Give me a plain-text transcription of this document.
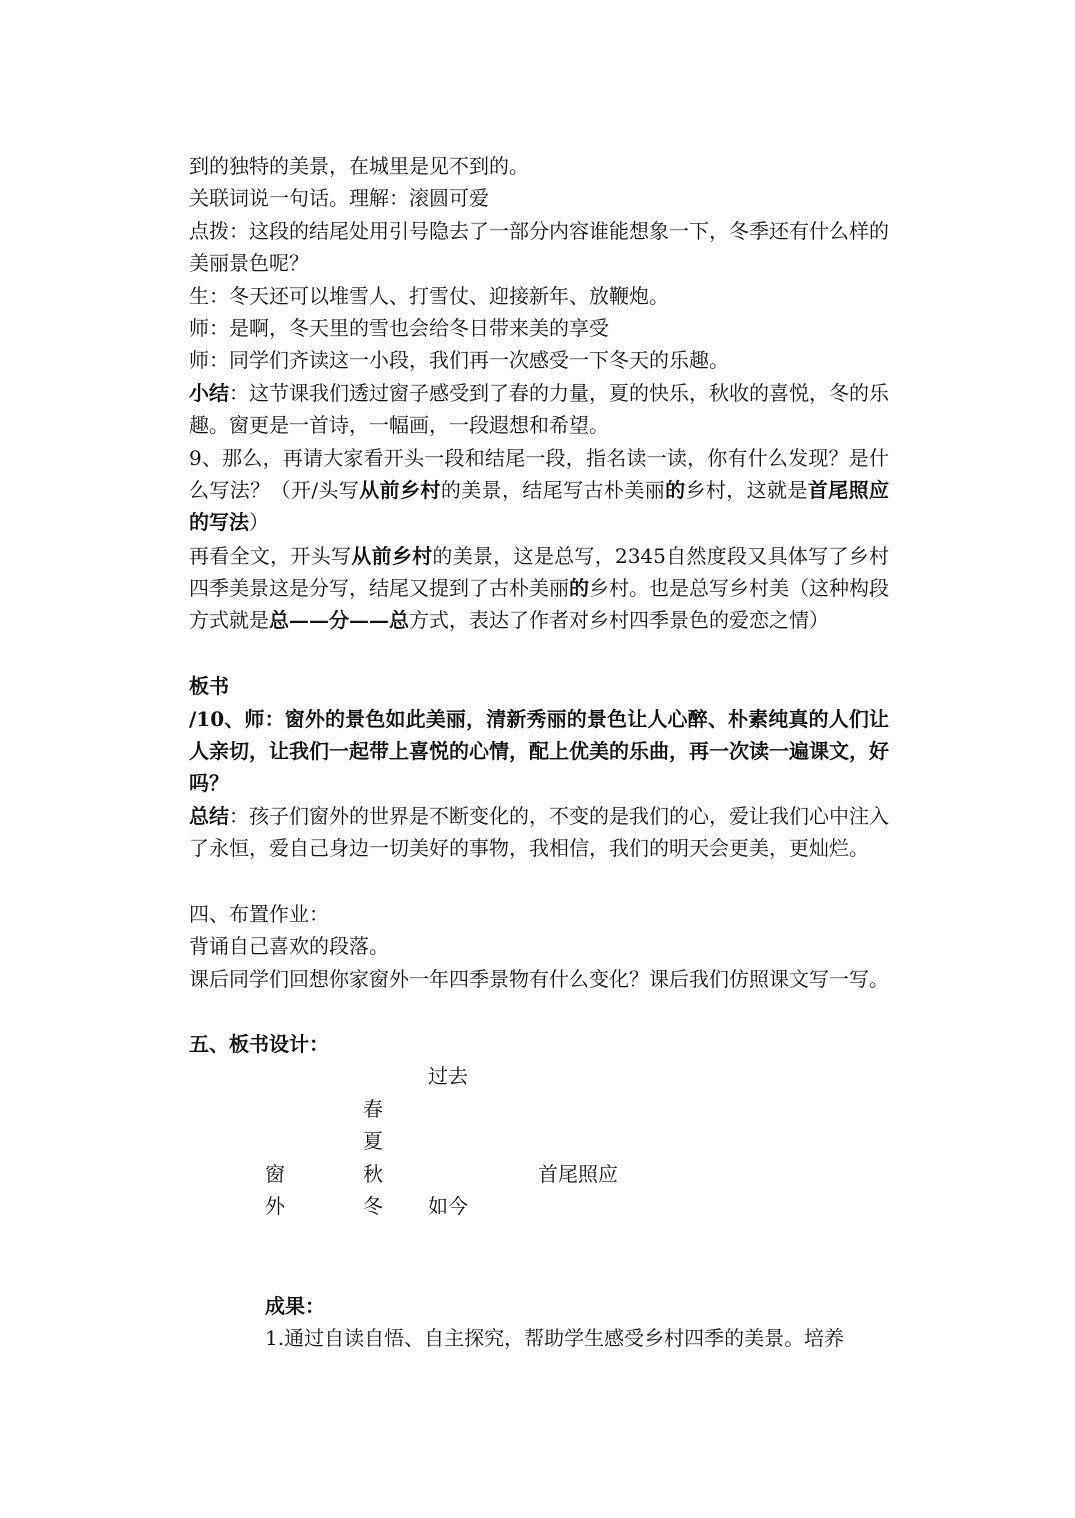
到的独特的美景，在城里是见不到的。
关联词说一句话。理解：滚圆可爱
点拨：这段的结尾处用引号隐去了一部分内容谁能想象一下，冬季还有什么样的美丽景色呢？
生：冬天还可以堆雪人、打雪仗、迎接新年、放鞭炮。
师：是啊，冬天里的雪也会给冬日带来美的享受
师：同学们齐读这一小段，我们再一次感受一下冬天的乐趣。
小结：这节课我们透过窗子感受到了春的力量，夏的快乐，秋收的喜悦，冬的乐趣。窗更是一首诗，一幅画，一段遐想和希望。
9、那么，再请大家看开头一段和结尾一段，指名读一读，你有什么发现？是什么写法？（开/头写从前乡村的美景，结尾写古朴美丽的乡村，这就是首尾照应的写法）
再看全文，开头写从前乡村的美景，这是总写，2345自然度段又具体写了乡村四季美景这是分写，结尾又提到了古朴美丽的乡村。也是总写乡村美（这种构段方式就是总——分——总方式，表达了作者对乡村四季景色的爱恋之情）
板书
/10、师：窗外的景色如此美丽，清新秀丽的景色让人心醉、朴素纯真的人们让人亲切，让我们一起带上喜悦的心情，配上优美的乐曲，再一次读一遍课文，好吗？
总结：孩子们窗外的世界是不断变化的，不变的是我们的心，爱让我们心中注入了永恒，爱自己身边一切美好的事物，我相信，我们的明天会更美，更灿烂。
四、布置作业：
背诵自己喜欢的段落。
课后同学们回想你家窗外一年四季景物有什么变化？课后我们仿照课文写一写。
五、板书设计：
过去
春
夏
窗	秋	首尾照应
外	冬 如今
成果：
1.通过自读自悟、自主探究，帮助学生感受乡村四季的美景。培养
